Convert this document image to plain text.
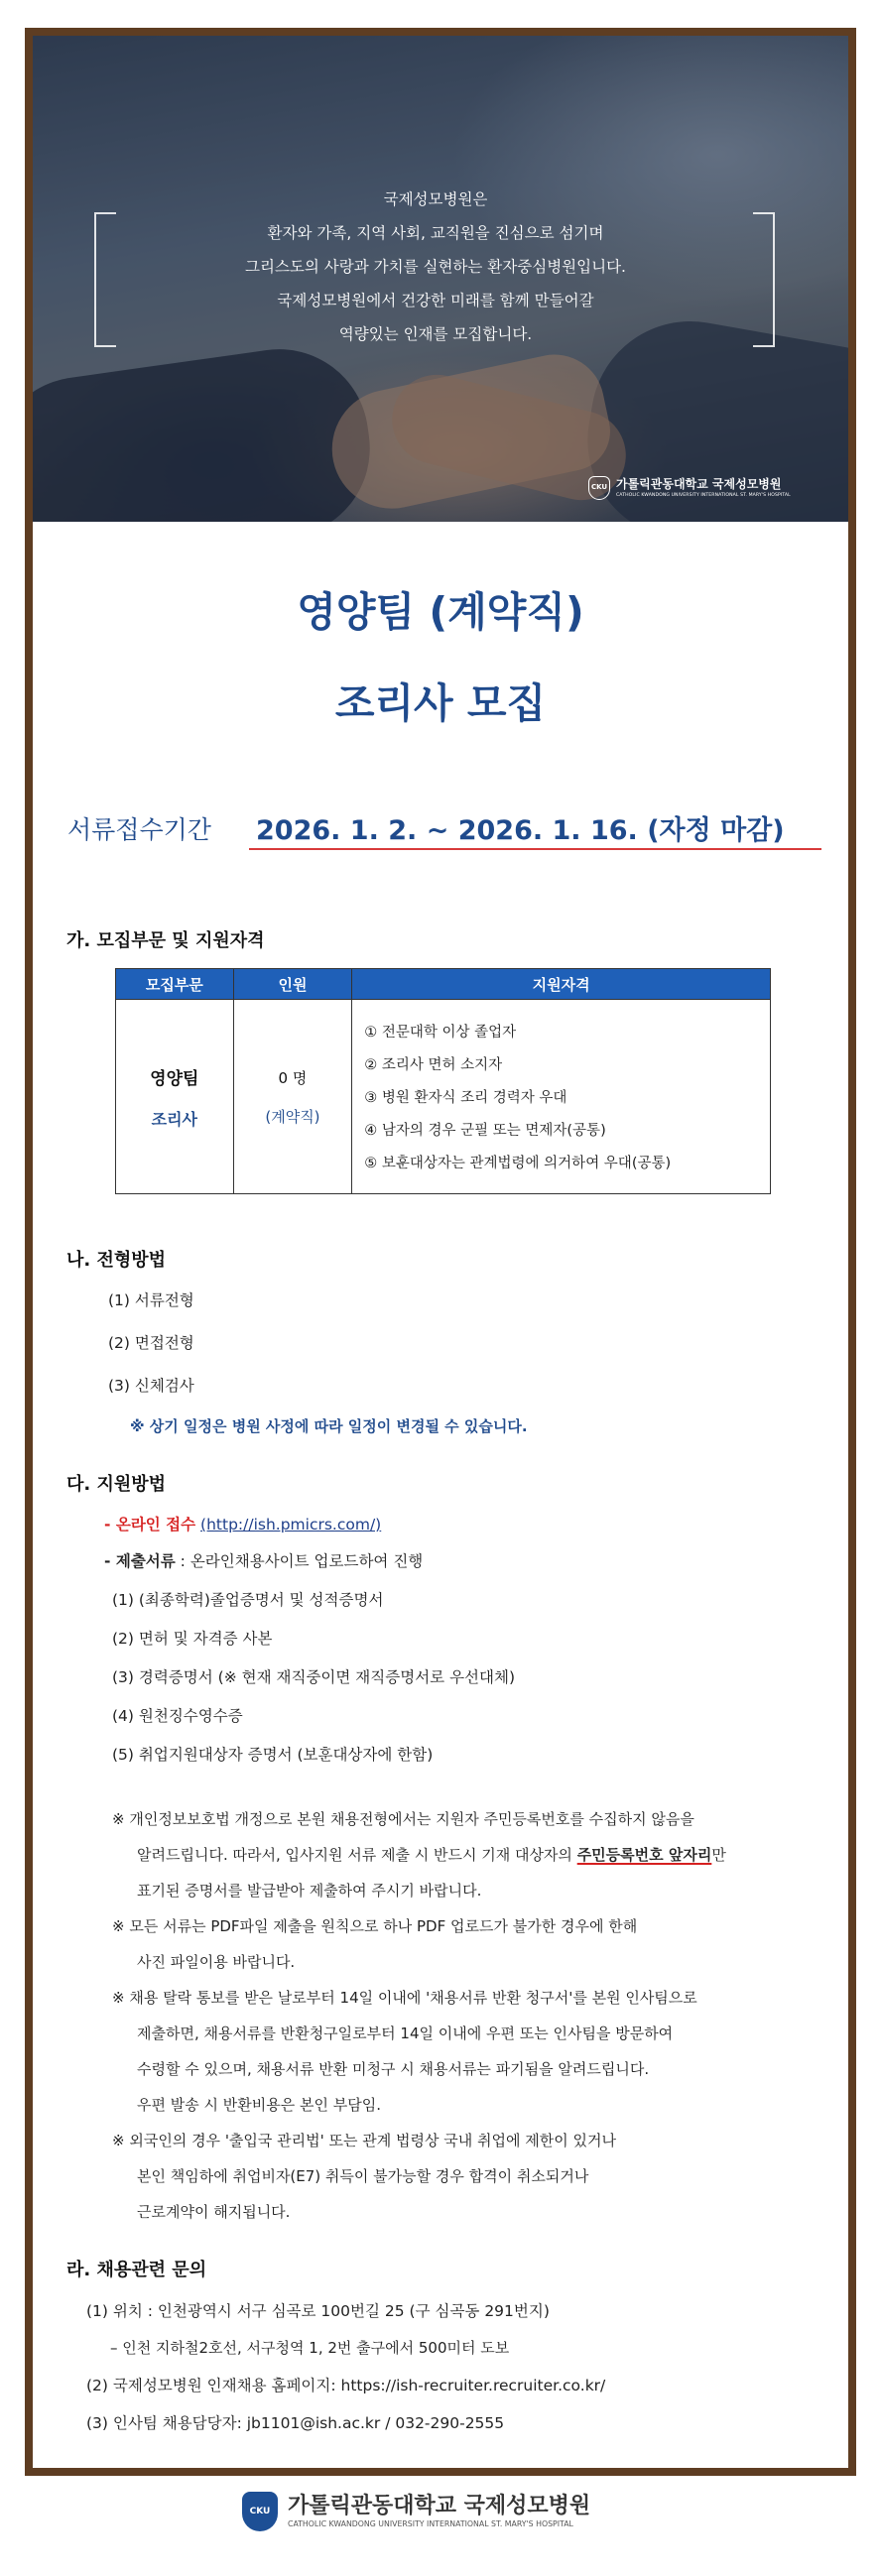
국제성모병원은
환자와 가족, 지역 사회, 교직원을 진심으로 섬기며
그리스도의 사랑과 가치를 실현하는 환자중심병원입니다.
국제성모병원에서 건강한 미래를 함께 만들어갈
역량있는 인재를 모집합니다.
CKU 가톨릭관동대학교 국제성모병원
CATHOLIC KWANDONG UNIVERSITY INTERNATIONAL ST. MARY'S HOSPITAL
영양팀 (계약직)
조리사 모집
서류접수기간 2026. 1. 2. ~ 2026. 1. 16. (자정 마감)
가. 모집부문 및 지원자격
모집부문	인원	지원자격
영양팀
조리사
0 명
(계약직)
① 전문대학 이상 졸업자
② 조리사 면허 소지자
③ 병원 환자식 조리 경력자 우대
④ 남자의 경우 군필 또는 면제자(공통)
⑤ 보훈대상자는 관계법령에 의거하여 우대(공통)
나. 전형방법
(1) 서류전형
(2) 면접전형
(3) 신체검사
※ 상기 일정은 병원 사정에 따라 일정이 변경될 수 있습니다.
다. 지원방법
- 온라인 접수 (http://ish.pmicrs.com/)
- 제출서류 : 온라인채용사이트 업로드하여 진행
(1) (최종학력)졸업증명서 및 성적증명서
(2) 면허 및 자격증 사본
(3) 경력증명서 (※ 현재 재직중이면 재직증명서로 우선대체)
(4) 원천징수영수증
(5) 취업지원대상자 증명서 (보훈대상자에 한함)
※ 개인정보보호법 개정으로 본원 채용전형에서는 지원자 주민등록번호를 수집하지 않음을
알려드립니다. 따라서, 입사지원 서류 제출 시 반드시 기재 대상자의 주민등록번호 앞자리만
표기된 증명서를 발급받아 제출하여 주시기 바랍니다.
※ 모든 서류는 PDF파일 제출을 원칙으로 하나 PDF 업로드가 불가한 경우에 한해
사진 파일이용 바랍니다.
※ 채용 탈락 통보를 받은 날로부터 14일 이내에 '채용서류 반환 청구서'를 본원 인사팀으로
제출하면, 채용서류를 반환청구일로부터 14일 이내에 우편 또는 인사팀을 방문하여
수령할 수 있으며, 채용서류 반환 미청구 시 채용서류는 파기됨을 알려드립니다.
우편 발송 시 반환비용은 본인 부담임.
※ 외국인의 경우 '출입국 관리법' 또는 관계 법령상 국내 취업에 제한이 있거나
본인 책임하에 취업비자(E7) 취득이 불가능할 경우 합격이 취소되거나
근로계약이 해지됩니다.
라. 채용관련 문의
(1) 위치 : 인천광역시 서구 심곡로 100번길 25 (구 심곡동 291번지)
– 인천 지하철2호선, 서구청역 1, 2번 출구에서 500미터 도보
(2) 국제성모병원 인재채용 홈페이지: https://ish-recruiter.recruiter.co.kr/
(3) 인사팀 채용담당자: jb1101@ish.ac.kr / 032-290-2555
CKU 가톨릭관동대학교 국제성모병원
CATHOLIC KWANDONG UNIVERSITY INTERNATIONAL ST. MARY'S HOSPITAL
